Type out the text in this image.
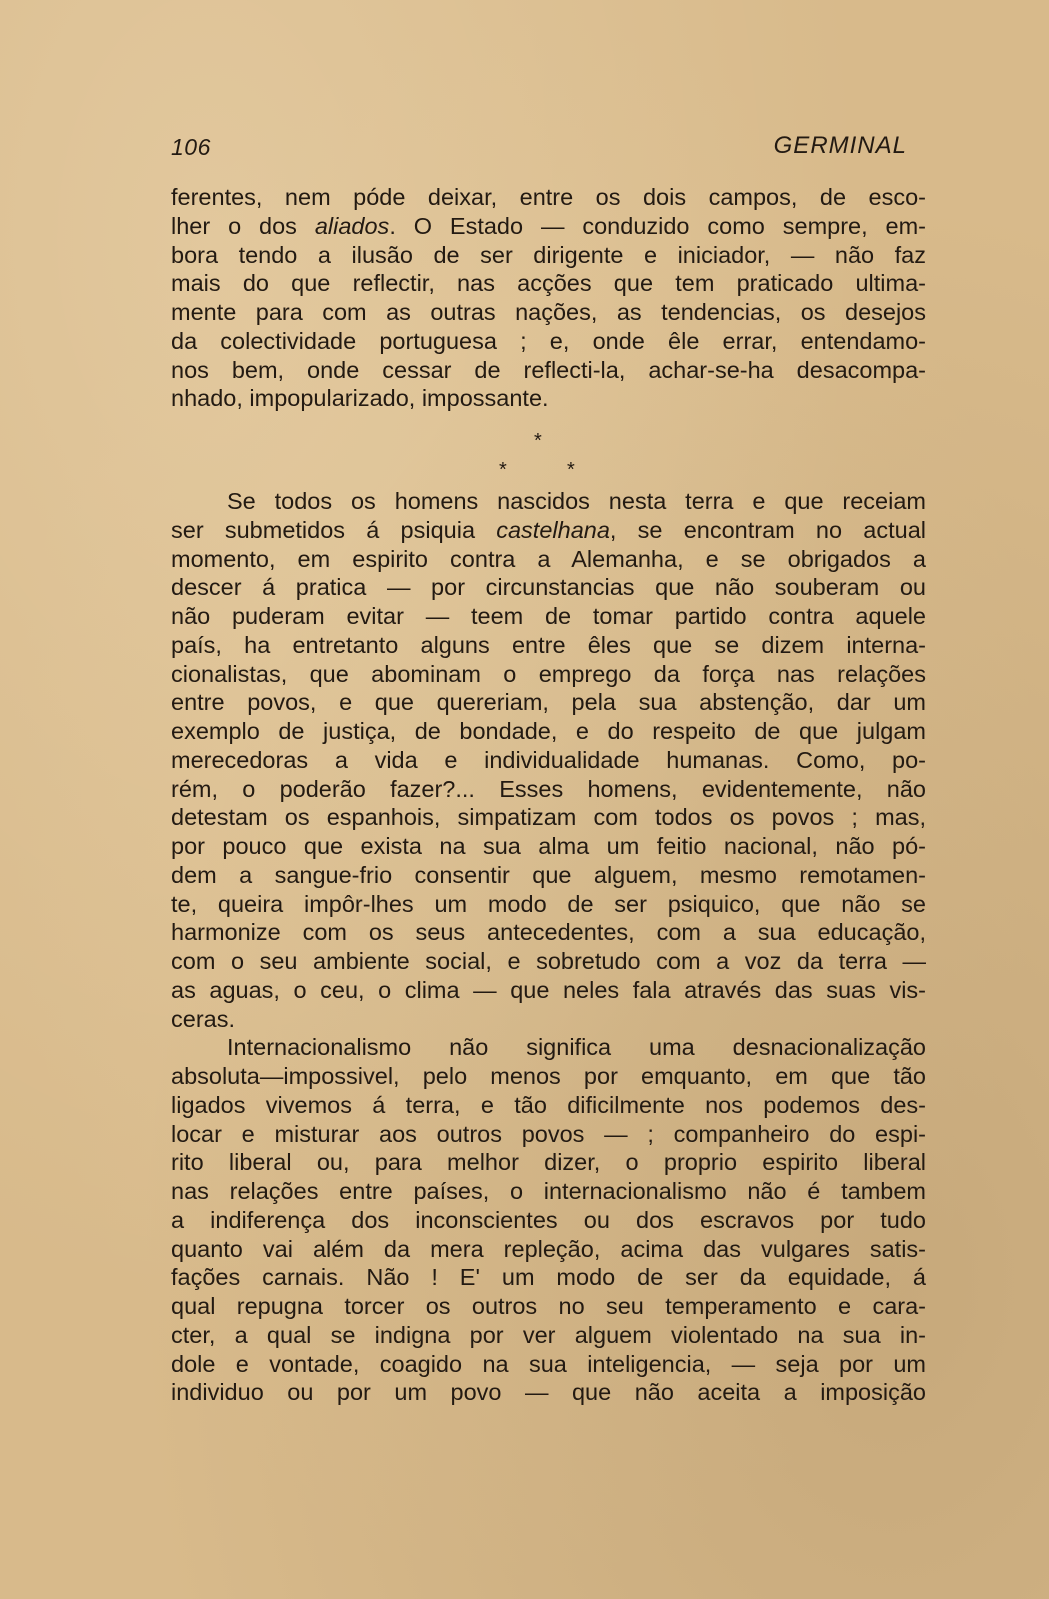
106	GERMINAL
ferentes, nem póde deixar, entre os dois campos, de esco-
lher o dos aliados. O Estado — conduzido como sempre, em-
bora tendo a ilusão de ser dirigente e iniciador, — não faz
mais do que reflectir, nas acções que tem praticado ultima-
mente para com as outras nações, as tendencias, os desejos
da colectividade portuguesa ; e, onde êle errar, entendamo-
nos bem, onde cessar de reflecti-la, achar-se-ha desacompa-
nhado, impopularizado, impossante.
*
*	*
Se todos os homens nascidos nesta terra e que receiam
ser submetidos á psiquia castelhana, se encontram no actual
momento, em espirito contra a Alemanha, e se obrigados a
descer á pratica — por circunstancias que não souberam ou
não puderam evitar — teem de tomar partido contra aquele
país, ha entretanto alguns entre êles que se dizem interna-
cionalistas, que abominam o emprego da força nas relações
entre povos, e que quereriam, pela sua abstenção, dar um
exemplo de justiça, de bondade, e do respeito de que julgam
merecedoras a vida e individualidade humanas. Como, po-
rém, o poderão fazer?... Esses homens, evidentemente, não
detestam os espanhois, simpatizam com todos os povos ; mas,
por pouco que exista na sua alma um feitio nacional, não pó-
dem a sangue-frio consentir que alguem, mesmo remotamen-
te, queira impôr-lhes um modo de ser psiquico, que não se
harmonize com os seus antecedentes, com a sua educação,
com o seu ambiente social, e sobretudo com a voz da terra —
as aguas, o ceu, o clima — que neles fala através das suas vis-
ceras.
Internacionalismo não significa uma desnacionalização
absoluta—impossivel, pelo menos por emquanto, em que tão
ligados vivemos á terra, e tão dificilmente nos podemos des-
locar e misturar aos outros povos — ; companheiro do espi-
rito liberal ou, para melhor dizer, o proprio espirito liberal
nas relações entre países, o internacionalismo não é tambem
a indiferença dos inconscientes ou dos escravos por tudo
quanto vai além da mera repleção, acima das vulgares satis-
fações carnais. Não ! E' um modo de ser da equidade, á
qual repugna torcer os outros no seu temperamento e cara-
cter, a qual se indigna por ver alguem violentado na sua in-
dole e vontade, coagido na sua inteligencia, — seja por um
individuo ou por um povo — que não aceita a imposição
